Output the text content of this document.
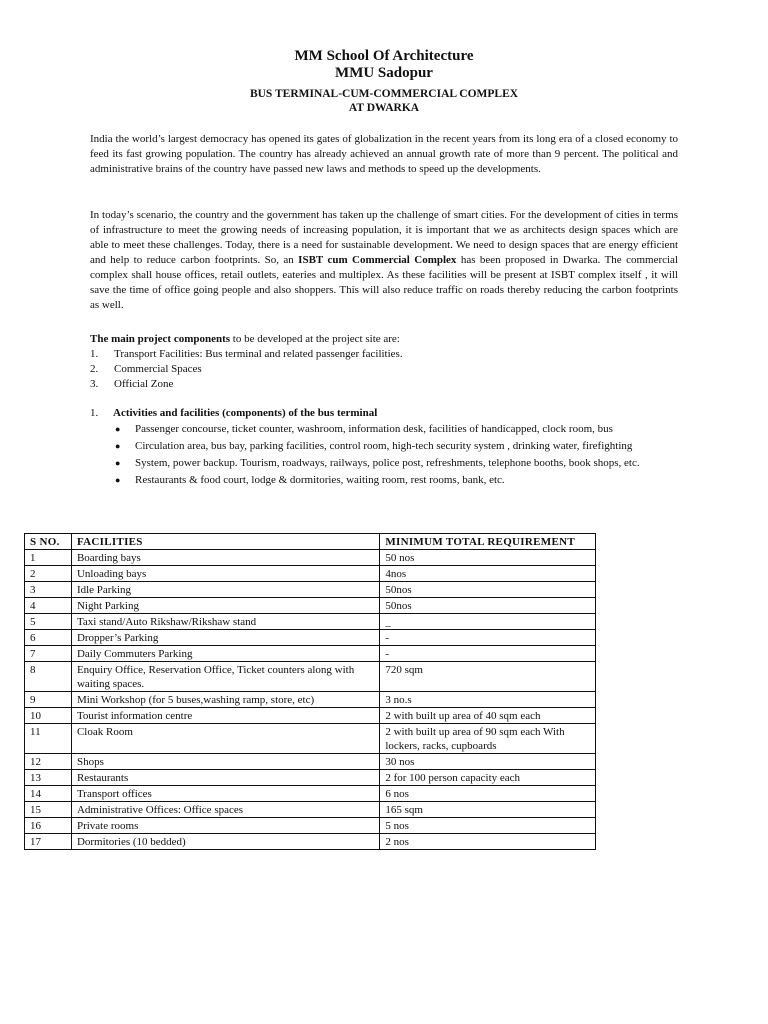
MM School Of Architecture
MMU Sadopur
BUS TERMINAL-CUM-COMMERCIAL COMPLEX
AT DWARKA

India the world’s largest democracy has opened its gates of globalization in the recent years from its long era of a closed economy to feed its fast growing population. The country has already achieved an annual growth rate of more than 9 percent. The political and administrative brains of the country have passed new laws and methods to speed up the developments.

In today’s scenario, the country and the government has taken up the challenge of smart cities. For the development of cities in terms of infrastructure to meet the growing needs of increasing population, it is important that we as architects design spaces which are able to meet these challenges. Today, there is a need for sustainable development. We need to design spaces that are energy efficient and help to reduce carbon footprints. So, an ISBT cum Commercial Complex has been proposed in Dwarka. The commercial complex shall house offices, retail outlets, eateries and multiplex. As these facilities will be present at ISBT complex itself , it will save the time of office going people and also shoppers. This will also reduce traffic on roads thereby reducing the carbon footprints as well.

The main project components to be developed at the project site are:

1. Transport Facilities: Bus terminal and related passenger facilities.
2. Commercial Spaces
3. Official Zone
1. Activities and facilities (components) of the bus terminal
● Passenger concourse, ticket counter, washroom, information desk, facilities of handicapped, clock room, bus
● Circulation area, bus bay, parking facilities, control room, high-tech security system , drinking water, firefighting
● System, power backup. Tourism, roadways, railways, police post, refreshments, telephone booths, book shops, etc.
● Restaurants & food court, lodge & dormitories, waiting room, rest rooms, bank, etc.
S NO.	FACILITIES	MINIMUM TOTAL REQUIREMENT
1	Boarding bays	50 nos
2	Unloading bays	4nos
3	Idle Parking	50nos
4	Night Parking	50nos
5	Taxi stand/Auto Rikshaw/Rikshaw stand	_
6	Dropper’s Parking	-
7	Daily Commuters Parking	-
8	Enquiry Office, Reservation Office, Ticket counters along with waiting spaces.	720 sqm
9	Mini Workshop (for 5 buses,washing ramp, store, etc)	3 no.s
10	Tourist information centre	2 with built up area of 40 sqm each
11	Cloak Room	2 with built up area of 90 sqm each With lockers, racks, cupboards
12	Shops	30 nos
13	Restaurants	2 for 100 person capacity each
14	Transport offices	6 nos
15	Administrative Offices: Office spaces	165 sqm
16	Private rooms	5 nos
17	Dormitories (10 bedded)	2 nos
